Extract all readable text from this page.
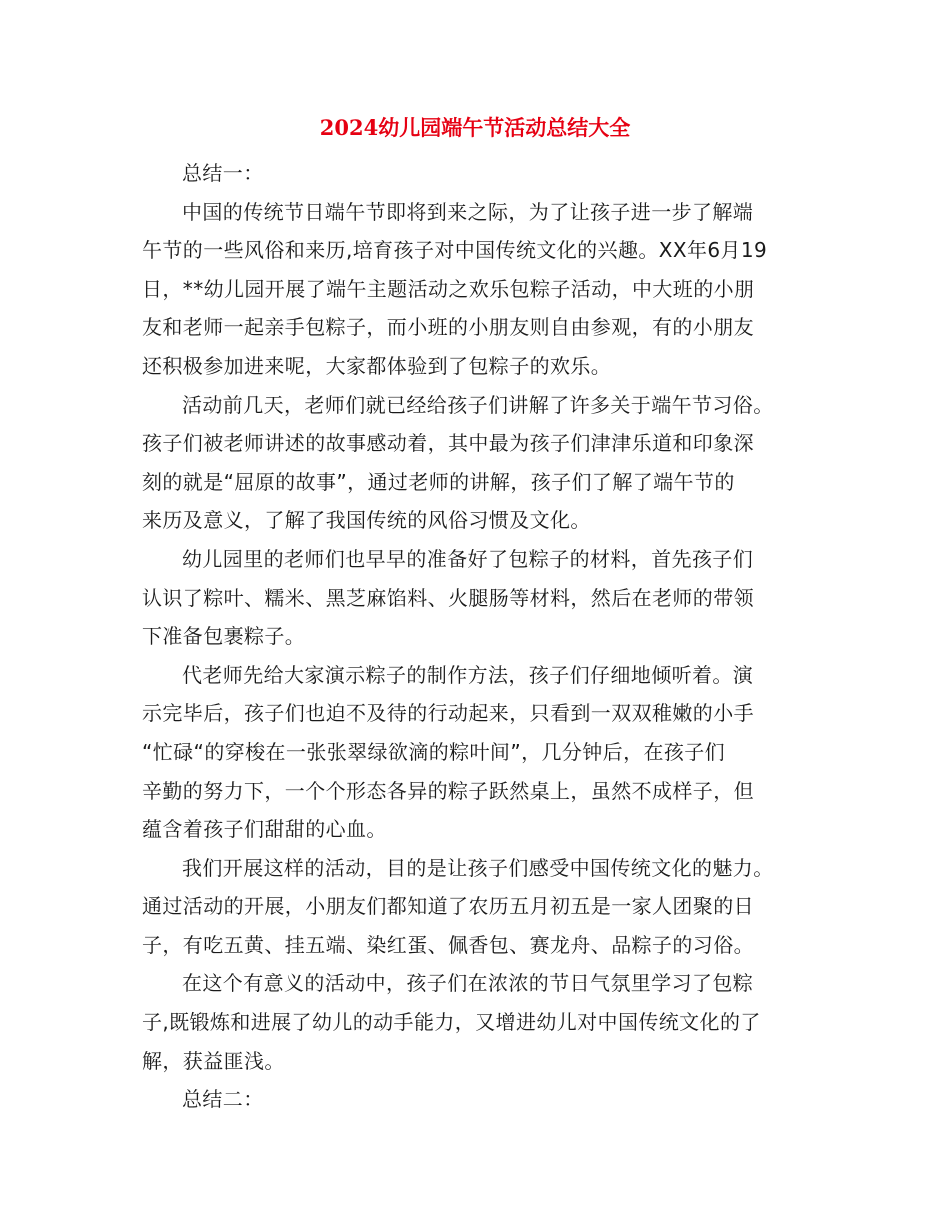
2024幼儿园端午节活动总结大全

总结一：

中国的传统节日端午节即将到来之际，为了让孩子进一步了解端
午节的一些风俗和来历,培育孩子对中国传统文化的兴趣。XX年6月19
日，**幼儿园开展了端午主题活动之欢乐包粽子活动，中大班的小朋
友和老师一起亲手包粽子，而小班的小朋友则自由参观，有的小朋友
还积极参加进来呢，大家都体验到了包粽子的欢乐。

活动前几天，老师们就已经给孩子们讲解了许多关于端午节习俗。
孩子们被老师讲述的故事感动着，其中最为孩子们津津乐道和印象深
刻的就是“屈原的故事”，通过老师的讲解，孩子们了解了端午节的
来历及意义，了解了我国传统的风俗习惯及文化。

幼儿园里的老师们也早早的准备好了包粽子的材料，首先孩子们
认识了粽叶、糯米、黑芝麻馅料、火腿肠等材料，然后在老师的带领
下准备包裹粽子。

代老师先给大家演示粽子的制作方法，孩子们仔细地倾听着。演
示完毕后，孩子们也迫不及待的行动起来，只看到一双双稚嫩的小手
“忙碌“的穿梭在一张张翠绿欲滴的粽叶间”，几分钟后，在孩子们
辛勤的努力下，一个个形态各异的粽子跃然桌上，虽然不成样子，但
蕴含着孩子们甜甜的心血。

我们开展这样的活动，目的是让孩子们感受中国传统文化的魅力。
通过活动的开展，小朋友们都知道了农历五月初五是一家人团聚的日
子，有吃五黄、挂五端、染红蛋、佩香包、赛龙舟、品粽子的习俗。

在这个有意义的活动中，孩子们在浓浓的节日气氛里学习了包粽
子,既锻炼和进展了幼儿的动手能力，又增进幼儿对中国传统文化的了
解，获益匪浅。

总结二：
